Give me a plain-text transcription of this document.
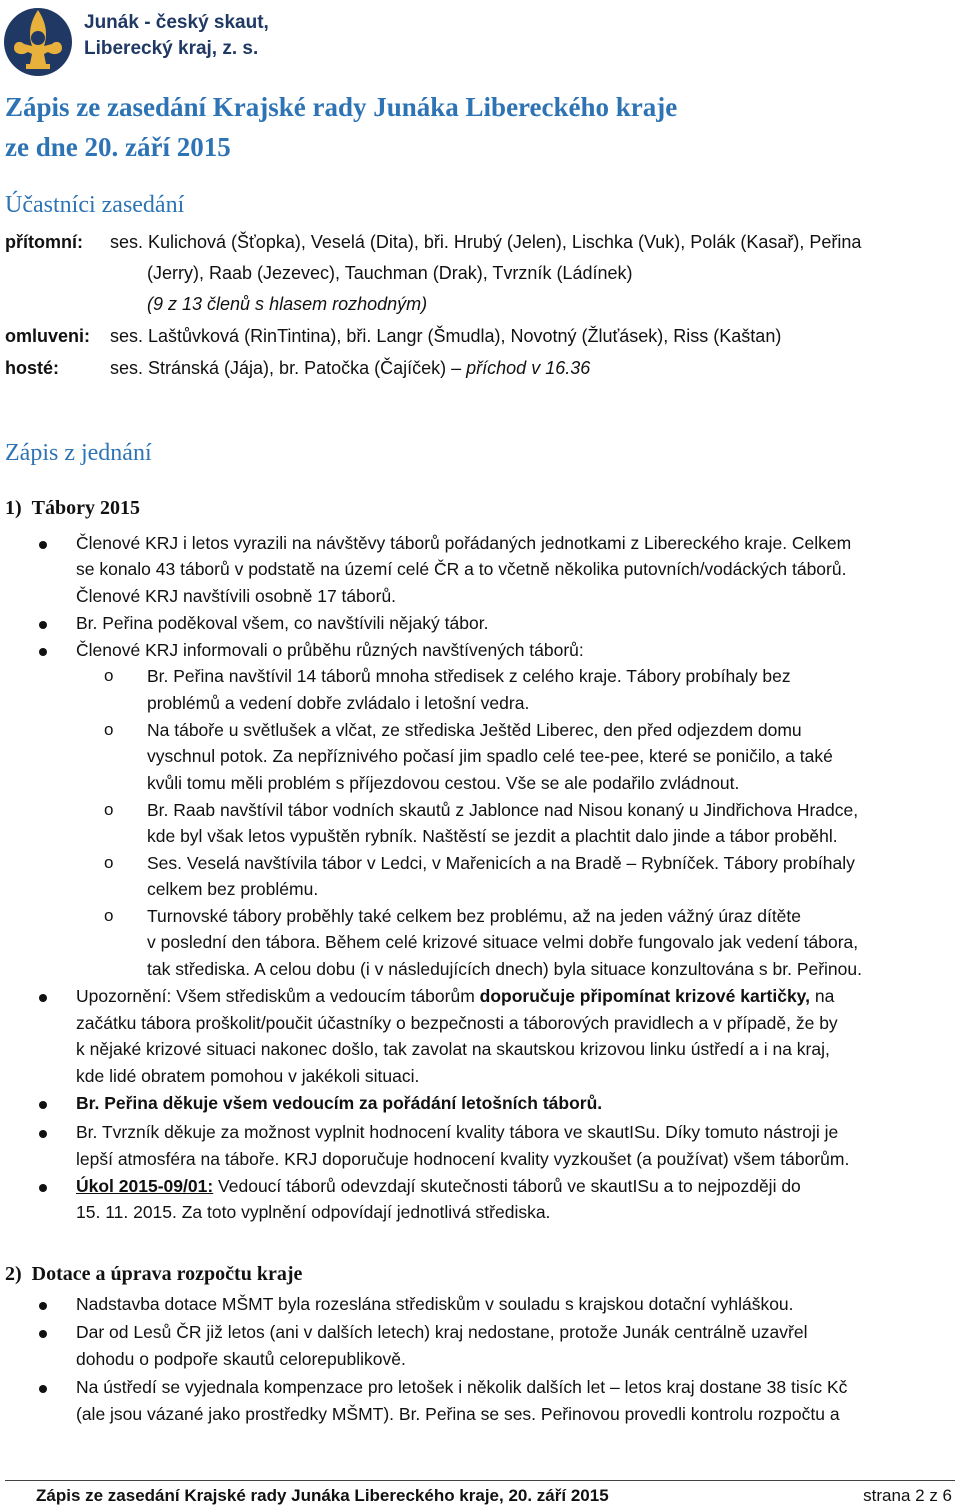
Junák - český skaut,
Liberecký kraj, z. s.
Zápis ze zasedání Krajské rady Junáka Libereckého kraje
ze dne 20. září 2015
Účastníci zasedání
přítomní: ses. Kulichová (Šťopka), Veselá (Dita), bři. Hrubý (Jelen), Lischka (Vuk), Polák (Kasař), Peřina
(Jerry), Raab (Jezevec), Tauchman (Drak), Tvrzník (Ládínek)
(9 z 13 členů s hlasem rozhodným)
omluveni: ses. Laštůvková (RinTintina), bři. Langr (Šmudla), Novotný (Žluťásek), Riss (Kaštan)
hosté:	ses. Stránská (Jája), br. Patočka (Čajíček) – příchod v 16.36
Zápis z jednání
1) Tábory 2015
Členové KRJ i letos vyrazili na návštěvy táborů pořádaných jednotkami z Libereckého kraje. Celkem
se konalo 43 táborů v podstatě na území celé ČR a to včetně několika putovních/vodáckých táborů.
Členové KRJ navštívili osobně 17 táborů.
Br. Peřina poděkoval všem, co navštívili nějaký tábor.
Členové KRJ informovali o průběhu různých navštívených táborů:
o Br. Peřina navštívil 14 táborů mnoha středisek z celého kraje. Tábory probíhaly bez
problémů a vedení dobře zvládalo i letošní vedra.
o Na táboře u světlušek a vlčat, ze střediska Ještěd Liberec, den před odjezdem domu
vyschnul potok. Za nepříznivého počasí jim spadlo celé tee-pee, které se poničilo, a také
kvůli tomu měli problém s příjezdovou cestou. Vše se ale podařilo zvládnout.
o Br. Raab navštívil tábor vodních skautů z Jablonce nad Nisou konaný u Jindřichova Hradce,
kde byl však letos vypuštěn rybník. Naštěstí se jezdit a plachtit dalo jinde a tábor proběhl.
o Ses. Veselá navštívila tábor v Ledci, v Mařenicích a na Bradě – Rybníček. Tábory probíhaly
celkem bez problému.
o Turnovské tábory proběhly také celkem bez problému, až na jeden vážný úraz dítěte
v poslední den tábora. Během celé krizové situace velmi dobře fungovalo jak vedení tábora,
tak střediska. A celou dobu (i v následujících dnech) byla situace konzultována s br. Peřinou.
Upozornění: Všem střediskům a vedoucím táborům doporučuje připomínat krizové kartičky, na
začátku tábora proškolit/poučit účastníky o bezpečnosti a táborových pravidlech a v případě, že by
k nějaké krizové situaci nakonec došlo, tak zavolat na skautskou krizovou linku ústředí a i na kraj,
kde lidé obratem pomohou v jakékoli situaci.
Br. Peřina děkuje všem vedoucím za pořádání letošních táborů.
Br. Tvrzník děkuje za možnost vyplnit hodnocení kvality tábora ve skautISu. Díky tomuto nástroji je
lepší atmosféra na táboře. KRJ doporučuje hodnocení kvality vyzkoušet (a používat) všem táborům.
Úkol 2015-09/01: Vedoucí táborů odevzdají skutečnosti táborů ve skautISu a to nejpozději do
15. 11. 2015. Za toto vyplnění odpovídají jednotlivá střediska.
2) Dotace a úprava rozpočtu kraje
Nadstavba dotace MŠMT byla rozeslána střediskům v souladu s krajskou dotační vyhláškou.
Dar od Lesů ČR již letos (ani v dalších letech) kraj nedostane, protože Junák centrálně uzavřel
dohodu o podpoře skautů celorepublikově.
Na ústředí se vyjednala kompenzace pro letošek i několik dalších let – letos kraj dostane 38 tisíc Kč
(ale jsou vázané jako prostředky MŠMT). Br. Peřina se ses. Peřinovou provedli kontrolu rozpočtu a
Zápis ze zasedání Krajské rady Junáka Libereckého kraje, 20. září 2015	strana 2 z 6
